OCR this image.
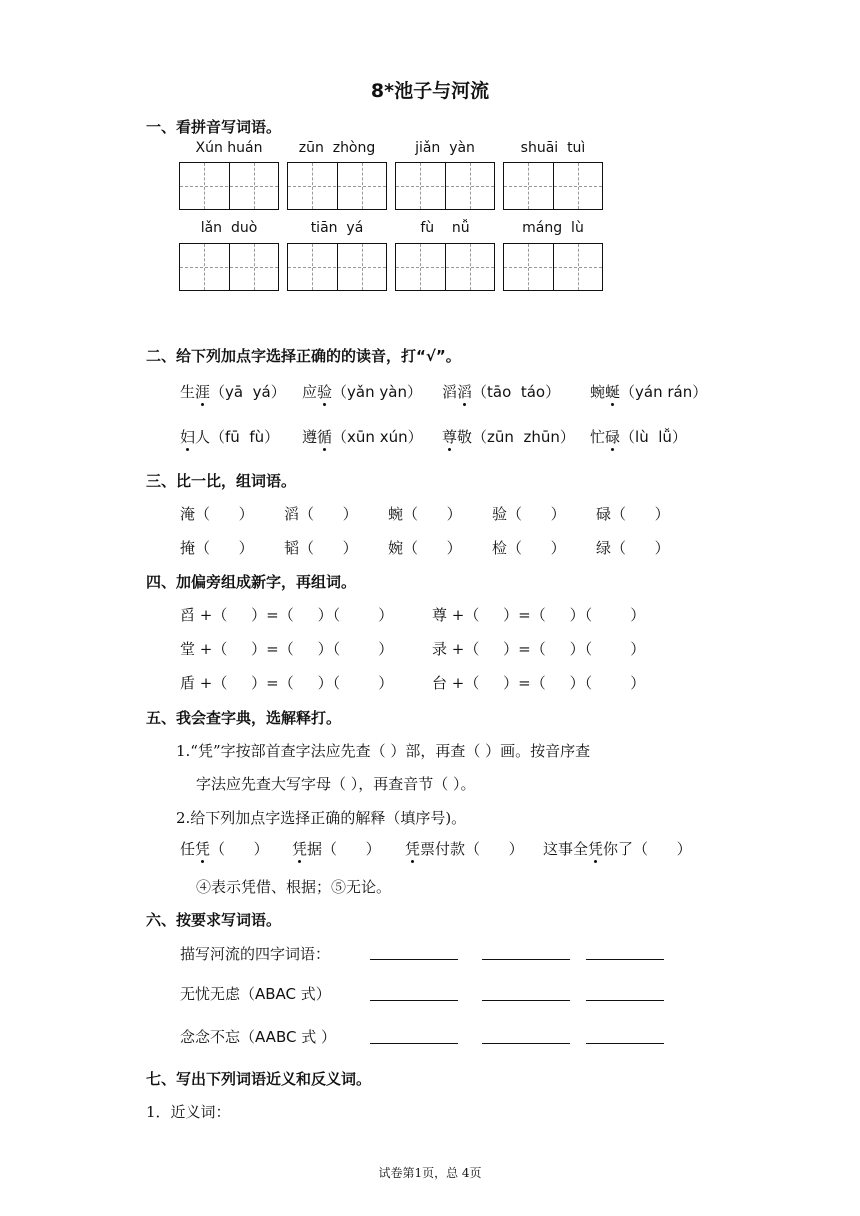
8*池子与河流
一、看拼音写词语。
Xún huán	zūn  zhòng	jiǎn  yàn	shuāi  tuì
lǎn  duò	tiān  yá	fù    nǚ	máng  lù
二、给下列加点字选择正确的的读音，打“√”。
生涯（yā  yá） 应验（yǎn yàn） 滔滔（tāo  táo） 蜿蜒（yán rán）
妇人（fū  fù） 遵循（xūn xún） 尊敬（zūn  zhūn） 忙碌（lù  lǚ）
三、比一比，组词语。
淹（      ） 滔（      ） 蜿（      ） 验（      ） 碌（      ）
掩（      ） 韬（      ） 婉（      ） 检（      ） 绿（      ）
四、加偏旁组成新字，再组词。
舀 +（     ）=（     ）（        ）	尊 +（     ）=（     ）（        ）
堂 +（     ）=（     ）（        ）	录 +（     ）=（     ）（        ）
盾 +（     ）=（     ）（        ）	台 +（     ）=（     ）（        ）
五、我会查字典，选解释打。
1.“凭”字按部首查字法应先查（ ）部，再查（ ）画。按音序查
字法应先查大写字母（ ），再查音节（ ）。
2.给下列加点字选择正确的解释（填序号)。
任凭（      ） 凭据（      ） 凭票付款（      ） 这事全凭你了（      ）
④表示凭借、根据；⑤无论。
六、按要求写词语。
描写河流的四字词语：
无忧无虑（ABAC 式）
念念不忘（AABC 式 ）
七、写出下列词语近义和反义词。
1．近义词：
试卷第1页，总 4页
